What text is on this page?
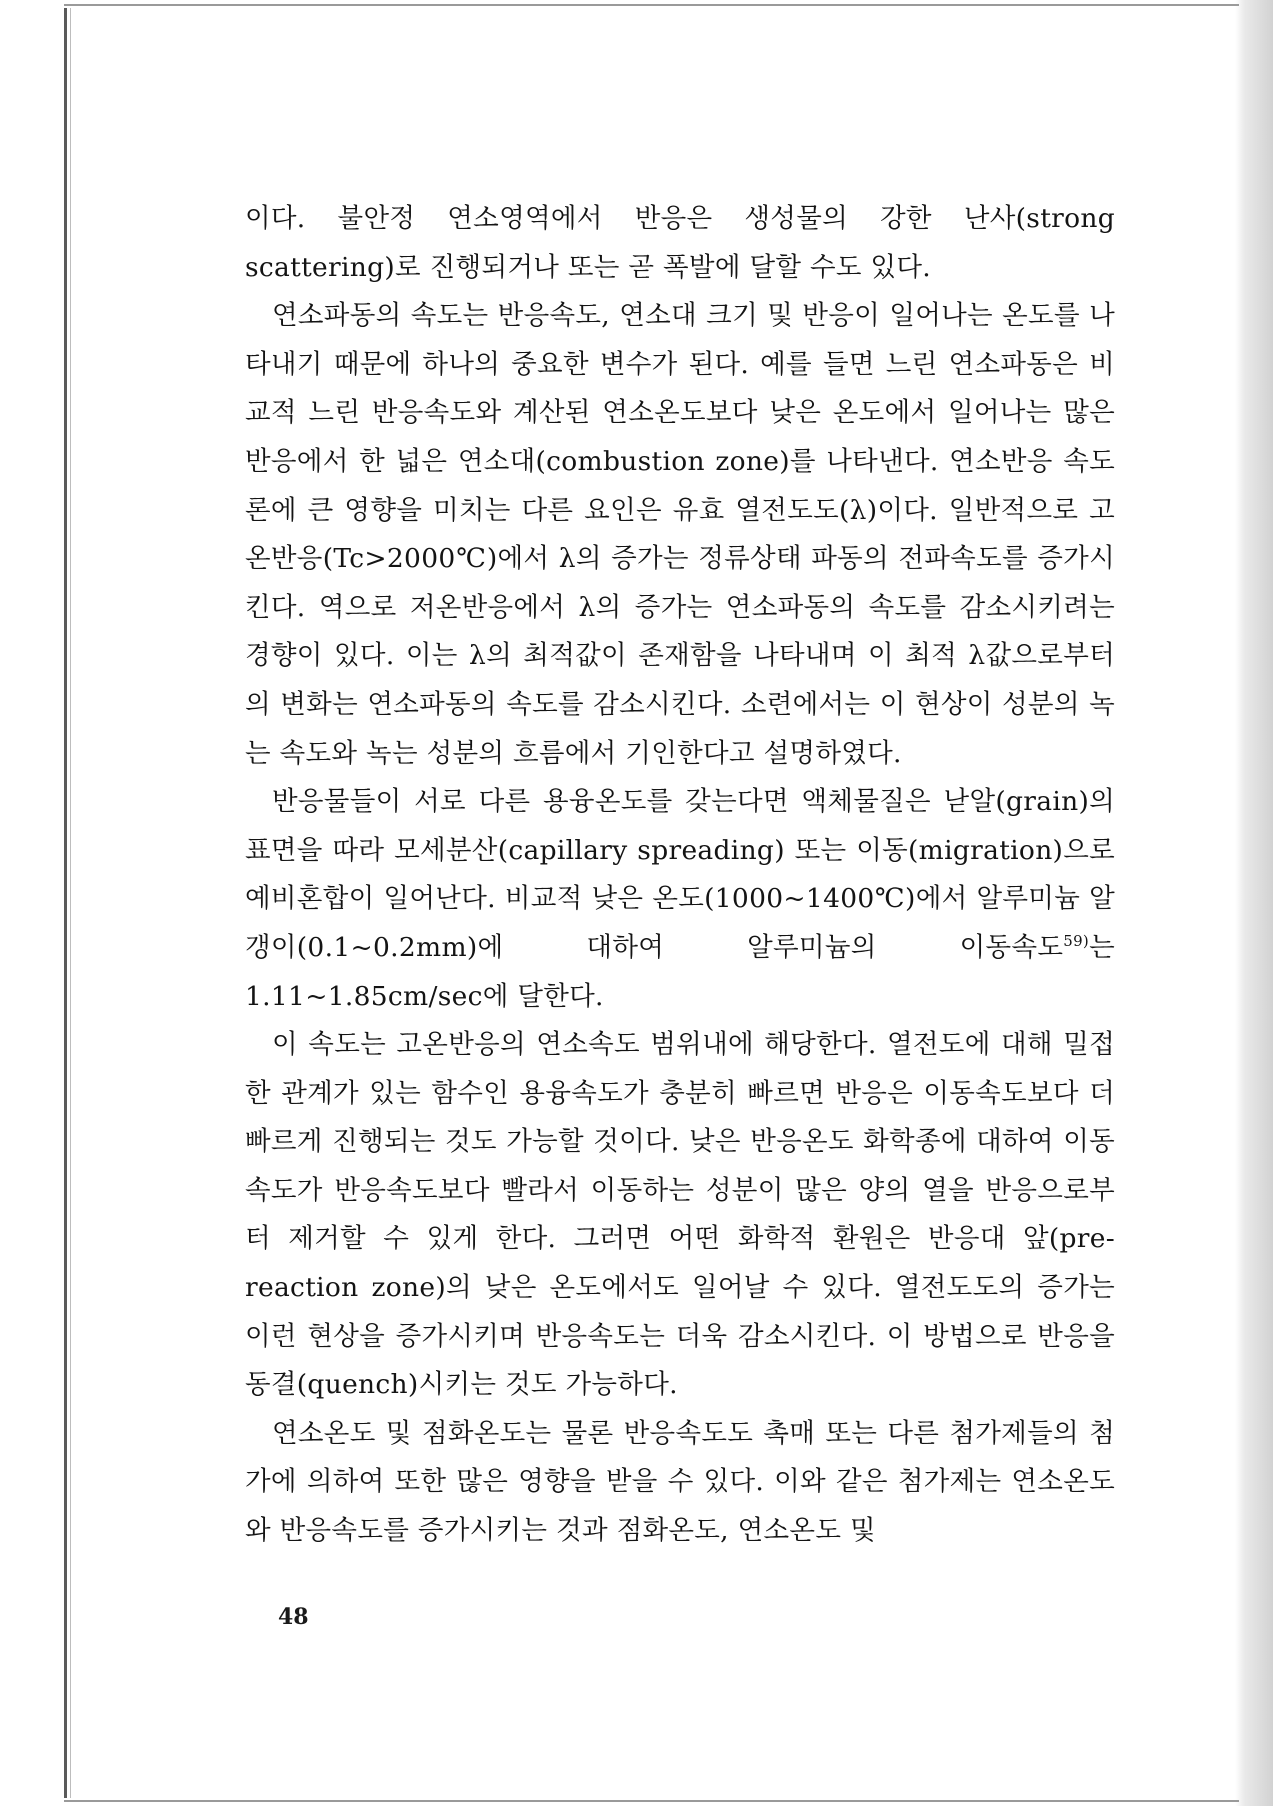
이다. 불안정 연소영역에서 반응은 생성물의 강한 난사(strong scattering)로 진행되거나 또는 곧 폭발에 달할 수도 있다.

연소파동의 속도는 반응속도, 연소대 크기 및 반응이 일어나는 온도를 나타내기 때문에 하나의 중요한 변수가 된다. 예를 들면 느린 연소파동은 비교적 느린 반응속도와 계산된 연소온도보다 낮은 온도에서 일어나는 많은 반응에서 한 넓은 연소대(combustion zone)를 나타낸다. 연소반응 속도론에 큰 영향을 미치는 다른 요인은 유효 열전도도(λ)이다. 일반적으로 고온반응(Tc>2000℃)에서 λ의 증가는 정류상태 파동의 전파속도를 증가시킨다. 역으로 저온반응에서 λ의 증가는 연소파동의 속도를 감소시키려는 경향이 있다. 이는 λ의 최적값이 존재함을 나타내며 이 최적 λ값으로부터의 변화는 연소파동의 속도를 감소시킨다. 소련에서는 이 현상이 성분의 녹는 속도와 녹는 성분의 흐름에서 기인한다고 설명하였다.

반응물들이 서로 다른 용융온도를 갖는다면 액체물질은 낟알(grain)의 표면을 따라 모세분산(capillary spreading) 또는 이동(migration)으로 예비혼합이 일어난다. 비교적 낮은 온도(1000~1400℃)에서 알루미늄 알갱이(0.1~0.2mm)에 대하여 알루미늄의 이동속도$^{59)}$는 1.11~1.85cm/sec에 달한다.

이 속도는 고온반응의 연소속도 범위내에 해당한다. 열전도에 대해 밀접한 관계가 있는 함수인 용융속도가 충분히 빠르면 반응은 이동속도보다 더 빠르게 진행되는 것도 가능할 것이다. 낮은 반응온도 화학종에 대하여 이동속도가 반응속도보다 빨라서 이동하는 성분이 많은 양의 열을 반응으로부터 제거할 수 있게 한다. 그러면 어떤 화학적 환원은 반응대 앞(pre-reaction zone)의 낮은 온도에서도 일어날 수 있다. 열전도도의 증가는 이런 현상을 증가시키며 반응속도는 더욱 감소시킨다. 이 방법으로 반응을 동결(quench)시키는 것도 가능하다.

연소온도 및 점화온도는 물론 반응속도도 촉매 또는 다른 첨가제들의 첨가에 의하여 또한 많은 영향을 받을 수 있다. 이와 같은 첨가제는 연소온도와 반응속도를 증가시키는 것과 점화온도, 연소온도 및

48
